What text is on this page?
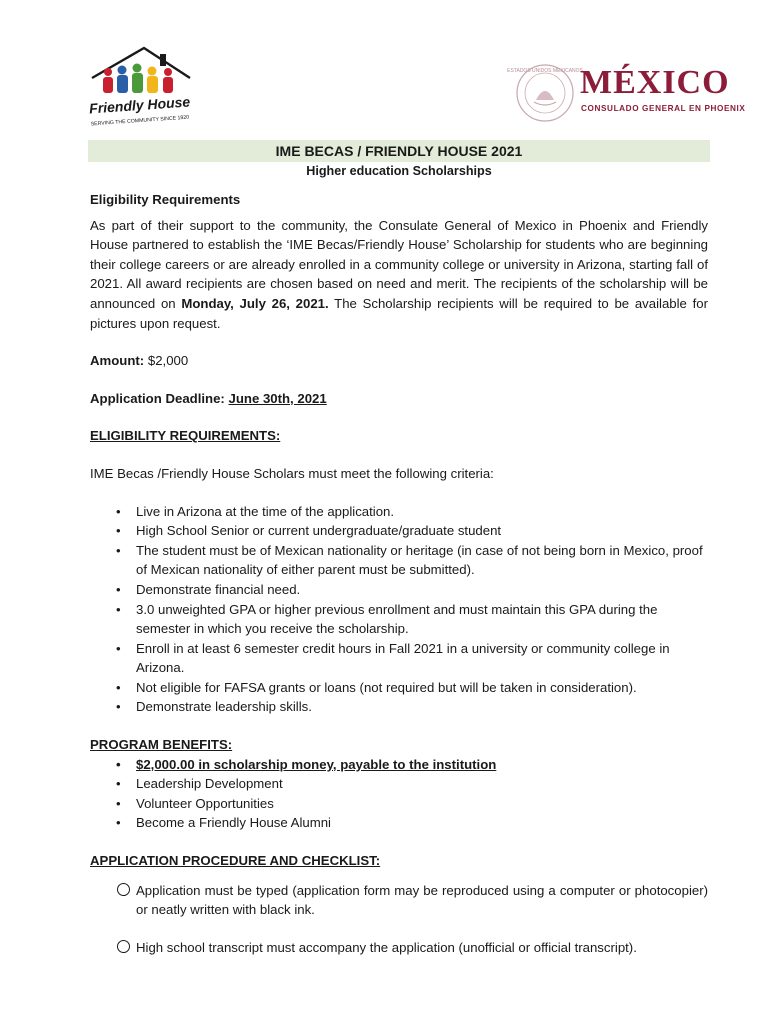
Friendly House
SERVING THE COMMUNITY SINCE 1920
ESTADOS UNIDOS MEXICANOS
MÉXICO
CONSULADO GENERAL EN PHOENIX
IME BECAS / FRIENDLY HOUSE 2021
Higher education Scholarships

Eligibility Requirements

As part of their support to the community, the Consulate General of Mexico in Phoenix and Friendly House partnered to establish the ‘IME Becas/Friendly House’ Scholarship for students who are beginning their college careers or are already enrolled in a community college or university in Arizona, starting fall of 2021. All award recipients are chosen based on need and merit. The recipients of the scholarship will be announced on Monday, July 26, 2021. The Scholarship recipients will be required to be available for pictures upon request.

Amount: $2,000

Application Deadline: June 30th, 2021

ELIGIBILITY REQUIREMENTS:

IME Becas /Friendly House Scholars must meet the following criteria:

• Live in Arizona at the time of the application.
• High School Senior or current undergraduate/graduate student
• The student must be of Mexican nationality or heritage (in case of not being born in Mexico, proof of Mexican nationality of either parent must be submitted).
• Demonstrate financial need.
• 3.0 unweighted GPA or higher previous enrollment and must maintain this GPA during the semester in which you receive the scholarship.
• Enroll in at least 6 semester credit hours in Fall 2021 in a university or community college in Arizona.
• Not eligible for FAFSA grants or loans (not required but will be taken in consideration).
• Demonstrate leadership skills.

PROGRAM BENEFITS:

• $2,000.00 in scholarship money, payable to the institution
• Leadership Development
• Volunteer Opportunities
• Become a Friendly House Alumni

APPLICATION PROCEDURE AND CHECKLIST:

Application must be typed (application form may be reproduced using a computer or photocopier) or neatly written with black ink.
High school transcript must accompany the application (unofficial or official transcript).
